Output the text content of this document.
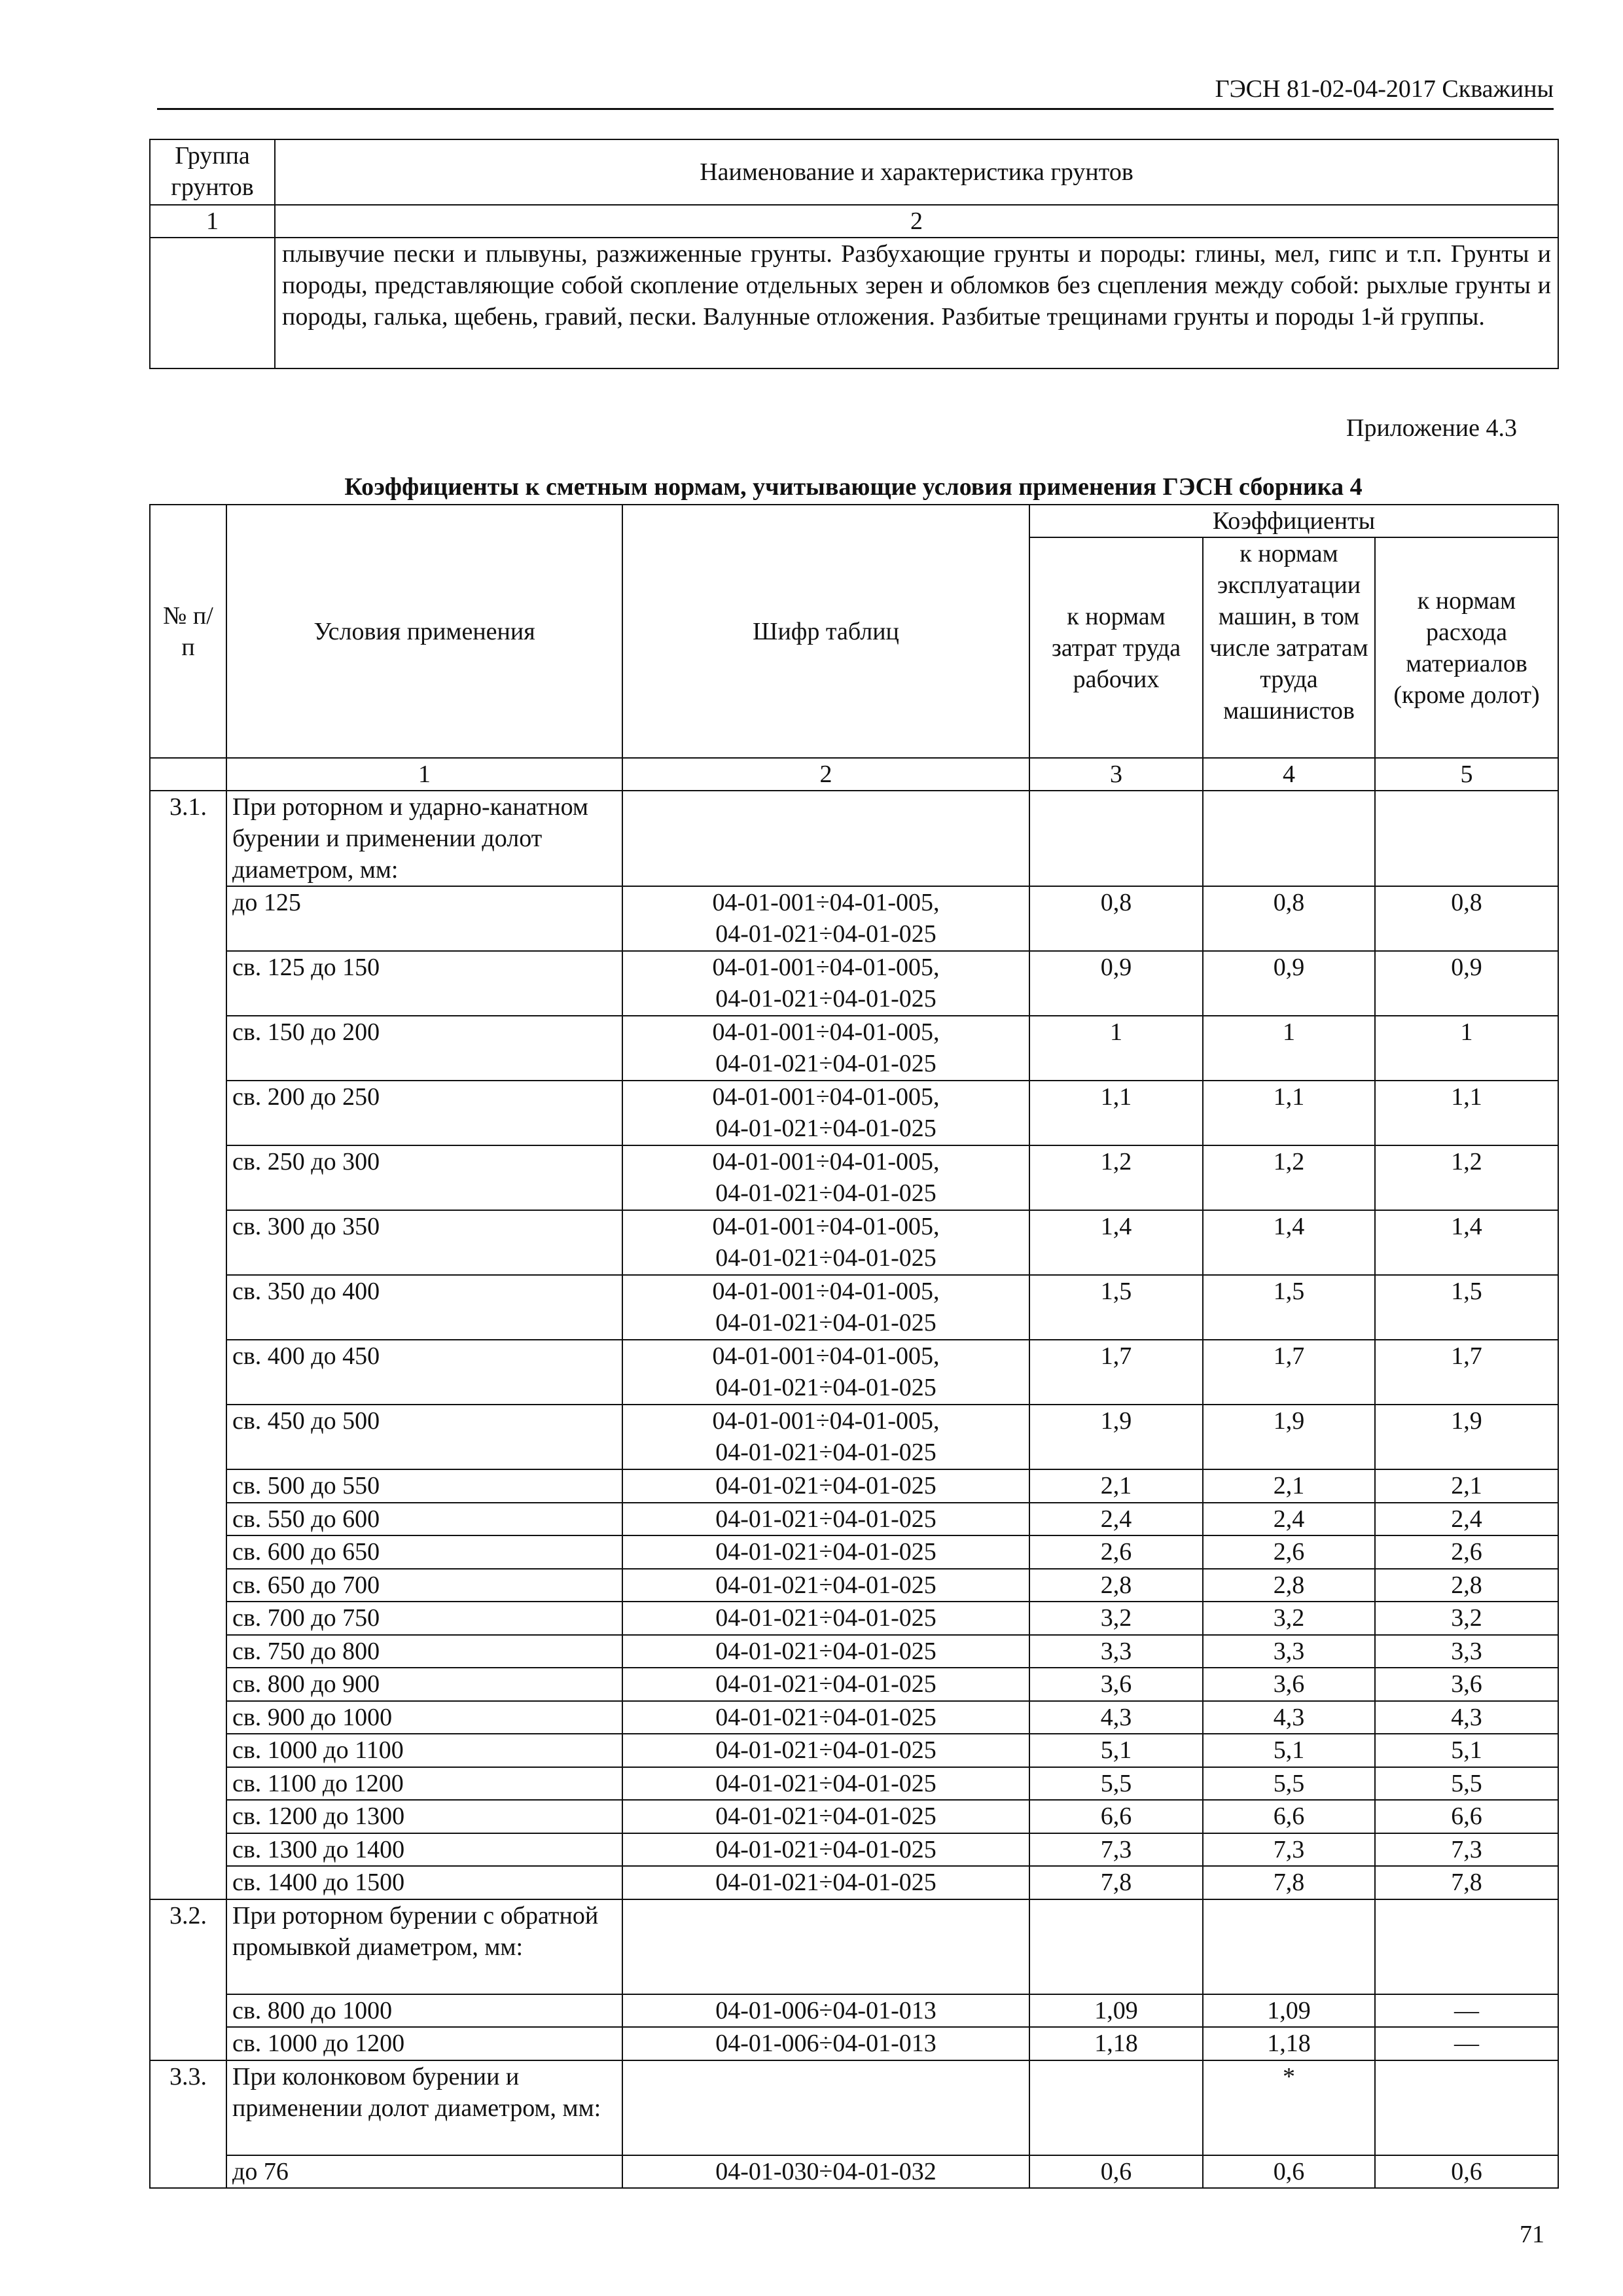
ГЭСН 81-02-04-2017 Скважины
Группа грунтов	Наименование и характеристика грунтов
1	2
	плывучие пески и плывуны, разжиженные грунты. Разбухающие грунты и породы: глины, мел, гипс и т.п. Грунты и породы, представляющие собой скопление отдельных зерен и обломков без сцепления между собой: рыхлые грунты и породы, галька, щебень, гравий, пески. Валунные отложения. Разбитые трещинами грунты и породы 1-й группы.
Приложение 4.3
Коэффициенты к сметным нормам, учитывающие условия применения ГЭСН сборника 4
№ п/п	Условия применения	Шифр таблиц	Коэффициенты		
			к нормам затрат труда рабочих	к нормам эксплуатации машин, в том числе затратам труда машинистов	к нормам расхода материалов (кроме долот)
	1	2	3	4	5
3.1.	При роторном и ударно-канатном бурении и применении долот диаметром, мм:				
	до 125	04-01-001÷04-01-005,
04-01-021÷04-01-025	0,8	0,8	0,8
	св. 125 до 150	04-01-001÷04-01-005,
04-01-021÷04-01-025	0,9	0,9	0,9
	св. 150 до 200	04-01-001÷04-01-005,
04-01-021÷04-01-025	1	1	1
	св. 200 до 250	04-01-001÷04-01-005,
04-01-021÷04-01-025	1,1	1,1	1,1
	св. 250 до 300	04-01-001÷04-01-005,
04-01-021÷04-01-025	1,2	1,2	1,2
	св. 300 до 350	04-01-001÷04-01-005,
04-01-021÷04-01-025	1,4	1,4	1,4
	св. 350 до 400	04-01-001÷04-01-005,
04-01-021÷04-01-025	1,5	1,5	1,5
	св. 400 до 450	04-01-001÷04-01-005,
04-01-021÷04-01-025	1,7	1,7	1,7
	св. 450 до 500	04-01-001÷04-01-005,
04-01-021÷04-01-025	1,9	1,9	1,9
	св. 500 до 550	04-01-021÷04-01-025	2,1	2,1	2,1
	св. 550 до 600	04-01-021÷04-01-025	2,4	2,4	2,4
	св. 600 до 650	04-01-021÷04-01-025	2,6	2,6	2,6
	св. 650 до 700	04-01-021÷04-01-025	2,8	2,8	2,8
	св. 700 до 750	04-01-021÷04-01-025	3,2	3,2	3,2
	св. 750 до 800	04-01-021÷04-01-025	3,3	3,3	3,3
	св. 800 до 900	04-01-021÷04-01-025	3,6	3,6	3,6
	св. 900 до 1000	04-01-021÷04-01-025	4,3	4,3	4,3
	св. 1000 до 1100	04-01-021÷04-01-025	5,1	5,1	5,1
	св. 1100 до 1200	04-01-021÷04-01-025	5,5	5,5	5,5
	св. 1200 до 1300	04-01-021÷04-01-025	6,6	6,6	6,6
	св. 1300 до 1400	04-01-021÷04-01-025	7,3	7,3	7,3
	св. 1400 до 1500	04-01-021÷04-01-025	7,8	7,8	7,8
3.2.	При роторном бурении с обратной промывкой диаметром, мм:				
	св. 800 до 1000	04-01-006÷04-01-013	1,09	1,09	—
	св. 1000 до 1200	04-01-006÷04-01-013	1,18	1,18	—
3.3.	При колонковом бурении и применении долот диаметром, мм:			*	
	до 76	04-01-030÷04-01-032	0,6	0,6	0,6
71
